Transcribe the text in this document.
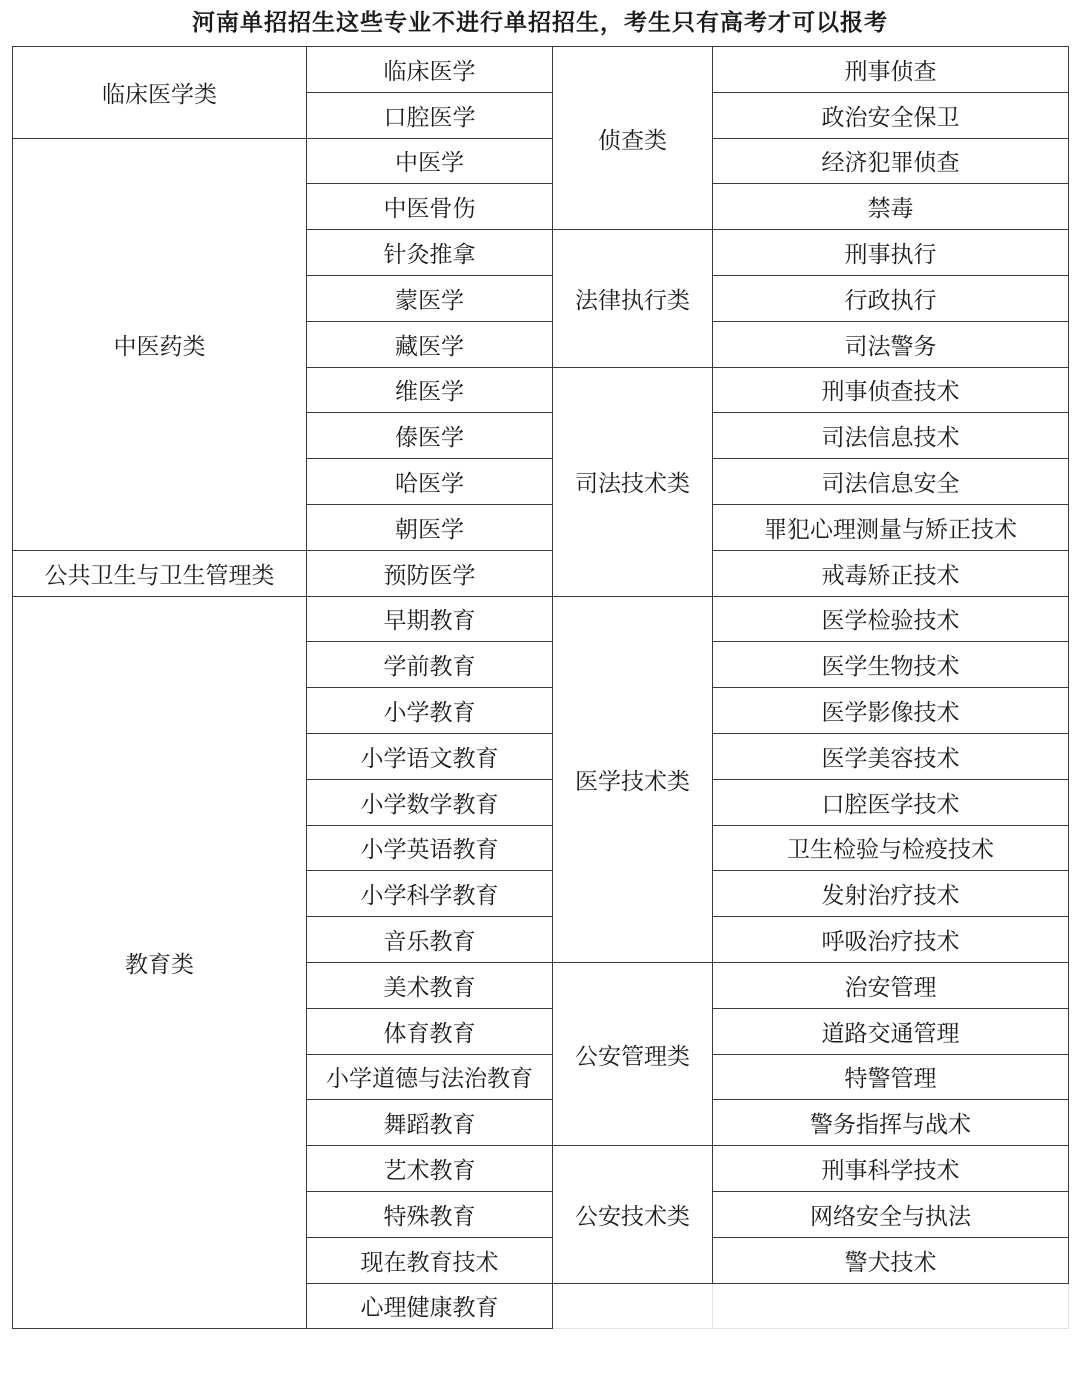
河南单招招生这些专业不进行单招招生，考生只有高考才可以报考
临床医学类	临床医学	侦查类	刑事侦查
	口腔医学		政治安全保卫
中医药类	中医学		经济犯罪侦查
	中医骨伤		禁毒
	针灸推拿	法律执行类	刑事执行
	蒙医学		行政执行
	藏医学		司法警务
	维医学	司法技术类	刑事侦查技术
	傣医学		司法信息技术
	哈医学		司法信息安全
	朝医学		罪犯心理测量与矫正技术
公共卫生与卫生管理类	预防医学		戒毒矫正技术
教育类	早期教育	医学技术类	医学检验技术
	学前教育		医学生物技术
	小学教育		医学影像技术
	小学语文教育		医学美容技术
	小学数学教育		口腔医学技术
	小学英语教育		卫生检验与检疫技术
	小学科学教育		发射治疗技术
	音乐教育		呼吸治疗技术
	美术教育	公安管理类	治安管理
	体育教育		道路交通管理
	小学道德与法治教育		特警管理
	舞蹈教育		警务指挥与战术
	艺术教育	公安技术类	刑事科学技术
	特殊教育		网络安全与执法
	现在教育技术		警犬技术
	心理健康教育		
